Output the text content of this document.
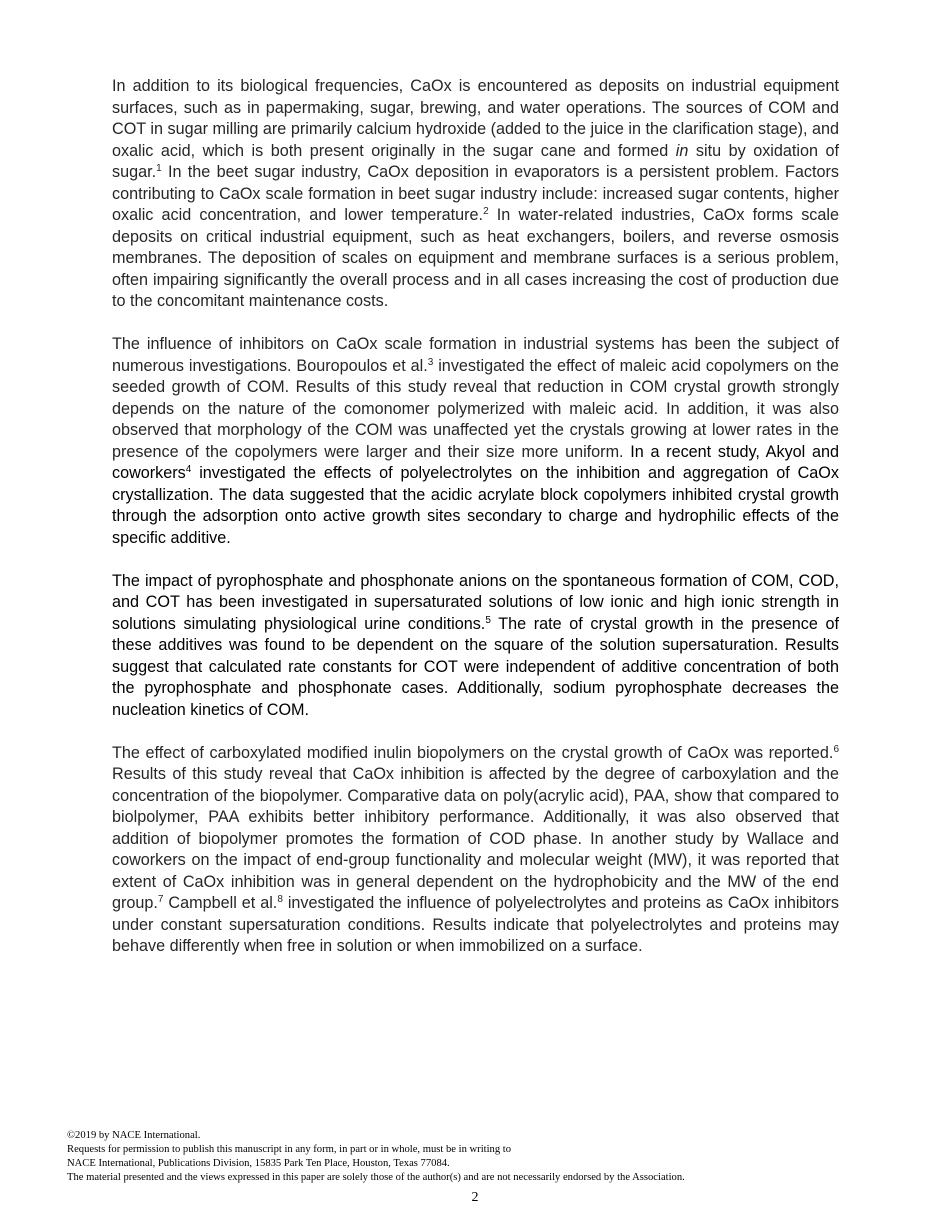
In addition to its biological frequencies, CaOx is encountered as deposits on industrial equipment surfaces, such as in papermaking, sugar, brewing, and water operations. The sources of COM and COT in sugar milling are primarily calcium hydroxide (added to the juice in the clarification stage), and oxalic acid, which is both present originally in the sugar cane and formed in situ by oxidation of sugar.$^1$ In the beet sugar industry, CaOx deposition in evaporators is a persistent problem. Factors contributing to CaOx scale formation in beet sugar industry include: increased sugar contents, higher oxalic acid concentration, and lower temperature.$^2$ In water-related industries, CaOx forms scale deposits on critical industrial equipment, such as heat exchangers, boilers, and reverse osmosis membranes. The deposition of scales on equipment and membrane surfaces is a serious problem, often impairing significantly the overall process and in all cases increasing the cost of production due to the concomitant maintenance costs.

The influence of inhibitors on CaOx scale formation in industrial systems has been the subject of numerous investigations. Bouropoulos et al.$^3$ investigated the effect of maleic acid copolymers on the seeded growth of COM. Results of this study reveal that reduction in COM crystal growth strongly depends on the nature of the comonomer polymerized with maleic acid. In addition, it was also observed that morphology of the COM was unaffected yet the crystals growing at lower rates in the presence of the copolymers were larger and their size more uniform. In a recent study, Akyol and coworkers$^4$ investigated the effects of polyelectrolytes on the inhibition and aggregation of CaOx crystallization. The data suggested that the acidic acrylate block copolymers inhibited crystal growth through the adsorption onto active growth sites secondary to charge and hydrophilic effects of the specific additive.

The impact of pyrophosphate and phosphonate anions on the spontaneous formation of COM, COD, and COT has been investigated in supersaturated solutions of low ionic and high ionic strength in solutions simulating physiological urine conditions.$^5$ The rate of crystal growth in the presence of these additives was found to be dependent on the square of the solution supersaturation. Results suggest that calculated rate constants for COT were independent of additive concentration of both the pyrophosphate and phosphonate cases. Additionally, sodium pyrophosphate decreases the nucleation kinetics of COM.

The effect of carboxylated modified inulin biopolymers on the crystal growth of CaOx was reported.$^6$ Results of this study reveal that CaOx inhibition is affected by the degree of carboxylation and the concentration of the biopolymer. Comparative data on poly(acrylic acid), PAA, show that compared to biolpolymer, PAA exhibits better inhibitory performance. Additionally, it was also observed that addition of biopolymer promotes the formation of COD phase. In another study by Wallace and coworkers on the impact of end-group functionality and molecular weight (MW), it was reported that extent of CaOx inhibition was in general dependent on the hydrophobicity and the MW of the end group.$^7$ Campbell et al.$^8$ investigated the influence of polyelectrolytes and proteins as CaOx inhibitors under constant supersaturation conditions. Results indicate that polyelectrolytes and proteins may behave differently when free in solution or when immobilized on a surface.

©2019 by NACE International.
Requests for permission to publish this manuscript in any form, in part or in whole, must be in writing to
NACE International, Publications Division, 15835 Park Ten Place, Houston, Texas 77084.
The material presented and the views expressed in this paper are solely those of the author(s) and are not necessarily endorsed by the Association.
2
